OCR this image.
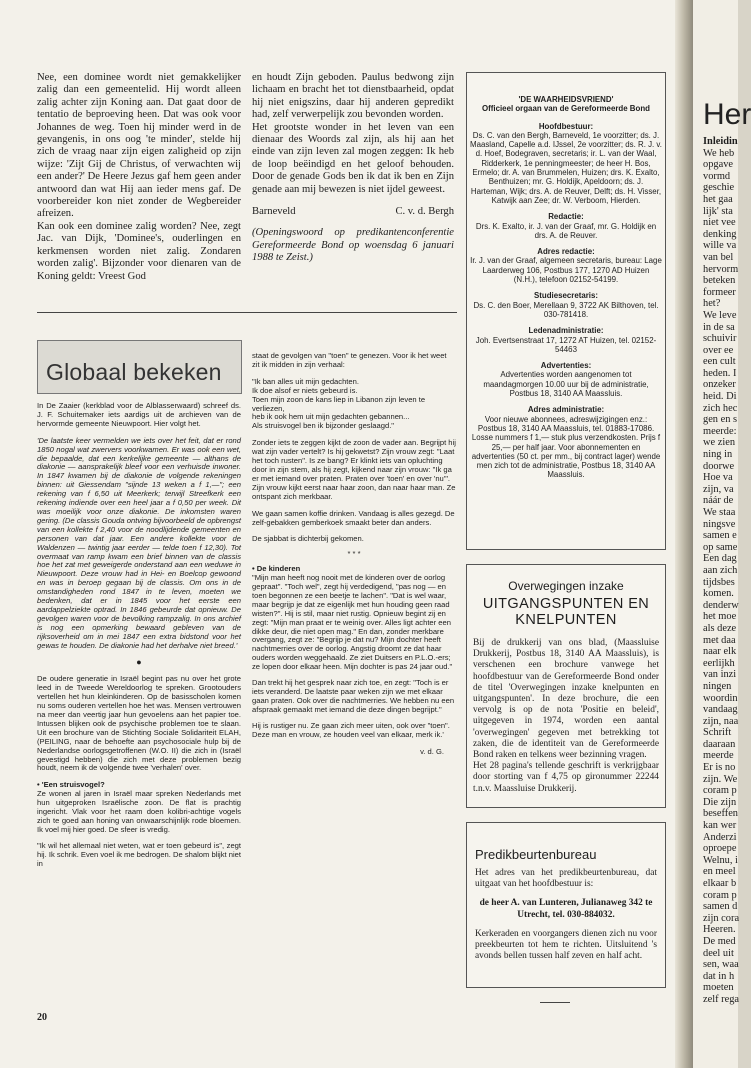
Nee, een dominee wordt niet gemakkelijker zalig dan een gemeentelid. Hij wordt alleen zalig achter zijn Koning aan. Dat gaat door de tentatio de beproeving heen. Dat was ook voor Johannes de weg. Toen hij minder werd in de gevangenis, in ons oog 'te minder', stelde hij zich de vraag naar zijn eigen zaligheid op zijn wijze: 'Zijt Gij de Christus, of verwachten wij een ander?' De Heere Jezus gaf hem geen ander antwoord dan wat Hij aan ieder mens gaf. De voorbereider kon niet zonder de Wegbereider afreizen.

Kan ook een dominee zalig worden? Nee, zegt Jac. van Dijk, 'Dominee's, ouderlingen en kerkmensen worden niet zalig. Zondaren worden zalig'. Bijzonder voor dienaren van de Koning geldt: Vreest God

en houdt Zijn geboden. Paulus bedwong zijn lichaam en bracht het tot dienstbaarheid, opdat hij niet enigszins, daar hij anderen gepredikt had, zelf verwerpelijk zou bevonden worden.

Het grootste wonder in het leven van een dienaar des Woords zal zijn, als hij aan het einde van zijn leven zal mogen zeggen: Ik heb de loop beëindigd en het geloof behouden. Door de genade Gods ben ik dat ik ben en Zijn genade aan mij bewezen is niet ijdel geweest.

Barneveld	C. v. d. Bergh

(Openingswoord op predikantenconferentie Gereformeerde Bond op woensdag 6 januari 1988 te Zeist.)

'DE WAARHEIDSVRIEND'

Officieel orgaan van de Gereformeerde Bond

Hoofdbestuur:

Ds. C. van den Bergh, Barneveld, 1e voorzitter; ds. J. Maasland, Capelle a.d. IJssel, 2e voorzitter; ds. R. J. v. d. Hoef, Bodegraven, secretaris; ir. L. van der Waal, Ridderkerk, 1e penningmeester; de heer H. Bos, Ermelo; dr. A. van Brummelen, Huizen; drs. K. Exalto, Benthuizen; mr. G. Holdijk, Apeldoorn; ds. J. Harteman, Wijk; drs. A. de Reuver, Delft; ds. H. Visser, Katwijk aan Zee; dr. W. Verboom, Hierden.

Redactie:

Drs. K. Exalto, ir. J. van der Graaf, mr. G. Holdijk en drs. A. de Reuver.

Adres redactie:

Ir. J. van der Graaf, algemeen secretaris, bureau: Lage Laarderweg 106, Postbus 177, 1270 AD Huizen (N.H.), telefoon 02152-54199.

Studiesecretaris:

Ds. C. den Boer, Merellaan 9, 3722 AK Bilthoven, tel. 030-781418.

Ledenadministratie:

Joh. Evertsenstraat 17, 1272 AT Huizen, tel. 02152-54463

Advertenties:

Advertenties worden aangenomen tot maandagmorgen 10.00 uur bij de administratie, Postbus 18, 3140 AA Maassluis.

Adres administratie:

Voor nieuwe abonnees, adreswijzigingen enz.: Postbus 18, 3140 AA Maassluis, tel. 01883-17086. Losse nummers f 1,— stuk plus verzendkosten. Prijs f 25,— per half jaar. Voor abonnementen en advertenties (50 ct. per mm., bij contract lager) wende men zich tot de administratie, Postbus 18, 3140 AA Maassluis.

Globaal bekeken

In De Zaaier (kerkblad voor de Alblasserwaard) schreef ds. J. F. Schuitemaker iets aardigs uit de archieven van de hervormde gemeente Nieuwpoort. Hier volgt het.

'De laatste keer vermelden we iets over het feit, dat er rond 1850 nogal wat zwervers voorkwamen. Er was ook een wet, die bepaalde, dat een kerkelijke gemeente — althans de diakonie — aansprakelijk bleef voor een verhuisde inwoner. In 1847 kwamen bij de diakonie de volgende rekeningen binnen: uit Giessendam "sijnde 13 weken a f 1,—"; een rekening van f 6,50 uit Meerkerk; terwijl Streefkerk een rekening indiende over een heel jaar a f 0,50 per week. Dit was moeilijk voor onze diakonie. De inkomsten waren gering. (De classis Gouda ontving bijvoorbeeld de opbrengst van een kollekte f 2,40 voor de noodlijdende gemeenten en personen van dat jaar. Een andere kollekte voor de Waldenzen — twintig jaar eerder — telde toen f 12,30). Tot overmaat van ramp kwam een brief binnen van de classis hoe het zat met geweigerde onderstand aan een weduwe in Nieuwpoort. Deze vrouw had in Hei- en Boelcop gewoond en was in beroep gegaan bij de classis. Om ons in de omstandigheden rond 1847 in te leven, moeten we bedenken, dat er in 1845 voor het eerste een aardappelziekte optrad. In 1846 gebeurde dat opnieuw. De gevolgen waren voor de bevolking rampzalig. In ons archief is nog een opmerking bewaard gebleven van de rijksoverheid om in mei 1847 een extra bidstond voor het gewas te houden. De diakonie had het derhalve niet breed.'

●

De oudere generatie in Israël begint pas nu over het grote leed in de Tweede Wereldoorlog te spreken. Grootouders vertellen het hun kleinkinderen. Op de basisscholen komen nu soms ouderen vertellen hoe het was. Mensen vertrouwen na meer dan veertig jaar hun gevoelens aan het papier toe. Intussen blijken ook de psychische problemen toe te slaan. Uit een brochure van de Stichting Sociale Solidariteit ELAH, (PEILING, naar de behoefte aan psychosociale hulp bij de Nederlandse oorlogsgetroffenen (W.O. II) die zich in (Israël gevestigd hebben) die zich met deze problemen bezig houdt, neem ik de volgende twee 'verhalen' over.

• 'Een struisvogel?

Ze wonen al jaren in Israël maar spreken Nederlands met hun uitgeproken Israëlische zoon. De flat is prachtig ingericht. Vlak voor het raam doen kolibri-achtige vogels zich te goed aan honing van onwaarschijnlijk rode bloemen. Ik voel mij hier goed. De sfeer is vredig.

"Ik wil het allemaal niet weten, wat er toen gebeurd is", zegt hij. Ik schrik. Even voel ik me bedrogen. De shalom blijkt niet in

staat de gevolgen van "toen" te genezen. Voor ik het weet zit ik midden in zijn verhaal:

"Ik ban alles uit mijn gedachten.

Ik doe alsof er niets gebeurd is.

Toen mijn zoon de kans liep in Libanon zijn leven te verliezen,

heb ik ook hem uit mijn gedachten gebannen...

Als struisvogel ben ik bijzonder geslaagd."

Zonder iets te zeggen kijkt de zoon de vader aan. Begrijpt hij wat zijn vader vertelt? Is hij gekwetst? Zijn vrouw zegt: "Laat het toch rusten". Is ze bang? Er klinkt iets van opluchting door in zijn stem, als hij zegt, kijkend naar zijn vrouw: "Ik ga er met iemand over praten. Praten over 'toen' en over 'nu'". Zijn vrouw kijkt eerst naar haar zoon, dan naar haar man. Ze ontspant zich merkbaar.

We gaan samen koffie drinken. Vandaag is alles gezegd. De zelf-gebakken gemberkoek smaakt beter dan anders.

De sjabbat is dichterbij gekomen.

* * *

• De kinderen

"Mijn man heeft nog nooit met de kinderen over de oorlog gepraat". "Toch wel", zegt hij verdedigend, "pas nog — en toen begonnen ze een beetje te lachen". "Dat is wel waar, maar begrijp je dat ze eigenlijk met hun houding geen raad wisten?". Hij is stil, maar niet rustig. Opnieuw begint zij en zegt: "Mijn man praat er te weinig over. Alles ligt achter een dikke deur, die niet open mag." En dan, zonder merkbare overgang, zegt ze: "Begrijp je dat nu? Mijn dochter heeft nachtmerries over de oorlog. Angstig droomt ze dat haar ouders worden weggehaald. Ze ziet Duitsers en P.L.O.-ers; ze lopen door elkaar heen. Mijn dochter is pas 24 jaar oud."

Dan trekt hij het gesprek naar zich toe, en zegt: "Toch is er iets veranderd. De laatste paar weken zijn we met elkaar gaan praten. Ook over die nachtmerries. We hebben nu een afspraak gemaakt met iemand die deze dingen begrijpt."

Hij is rustiger nu. Ze gaan zich meer uiten, ook over "toen". Deze man en vrouw, ze houden veel van elkaar, merk ik.'

v. d. G.

Overwegingen inzake
UITGANGSPUNTEN EN KNELPUNTEN

Bij de drukkerij van ons blad, (Maassluise Drukkerij, Postbus 18, 3140 AA Maassluis), is verschenen een brochure vanwege het hoofdbestuur van de Gereformeerde Bond onder de titel 'Overwegingen inzake knelpunten en uitgangspunten'. In deze brochure, die een vervolg is op de nota 'Positie en beleid', uitgegeven in 1974, worden een aantal 'overwegingen' gegeven met betrekking tot zaken, die de identiteit van de Gereformeerde Bond raken en telkens weer bezinning vragen.

Het 28 pagina's tellende geschrift is verkrijgbaar door storting van f 4,75 op gironummer 22244 t.n.v. Maassluise Drukkerij.

Predikbeurtenbureau

Het adres van het predikbeurtenbureau, dat uitgaat van het hoofdbestuur is:

de heer A. van Lunteren, Julianaweg 342 te Utrecht, tel. 030-884032.

Kerkeraden en voorgangers dienen zich nu voor preekbeurten tot hem te richten. Uitsluitend 's avonds bellen tussen half zeven en half acht.

20
Her
Inleidin
We heb
opgave
vormd
geschie
het gaa
lijk' sta
niet vee
denking
wille va
van bel
hervorm
beteken
formeer
het?
We leve
in de sa
schuivir
over ee
een cult
heden. I
onzeker
heid. Di
zich hec
gen en s
meerde:
we zien
ning in
doorwe
Hoe va
zijn, va
náár de
We staa
ningsve
samen e
op same
Een dag
aan zich
tijdsbes
komen.
denderw
het moe
als deze
met daa
naar elk
eerlijkh
van inzi
ningen
woordin
vandaag
zijn, naa
Schrift
daaraan
meerde
Er is no
zijn. We
coram p
Die zijn
beseffen
kan wer
Anderzi
oproepe
Welnu, i
en meel
elkaar b
coram p
samen d
zijn cora
Heeren.
De med
deel uit
sen, waa
dat in h
moeten
zelf rega
